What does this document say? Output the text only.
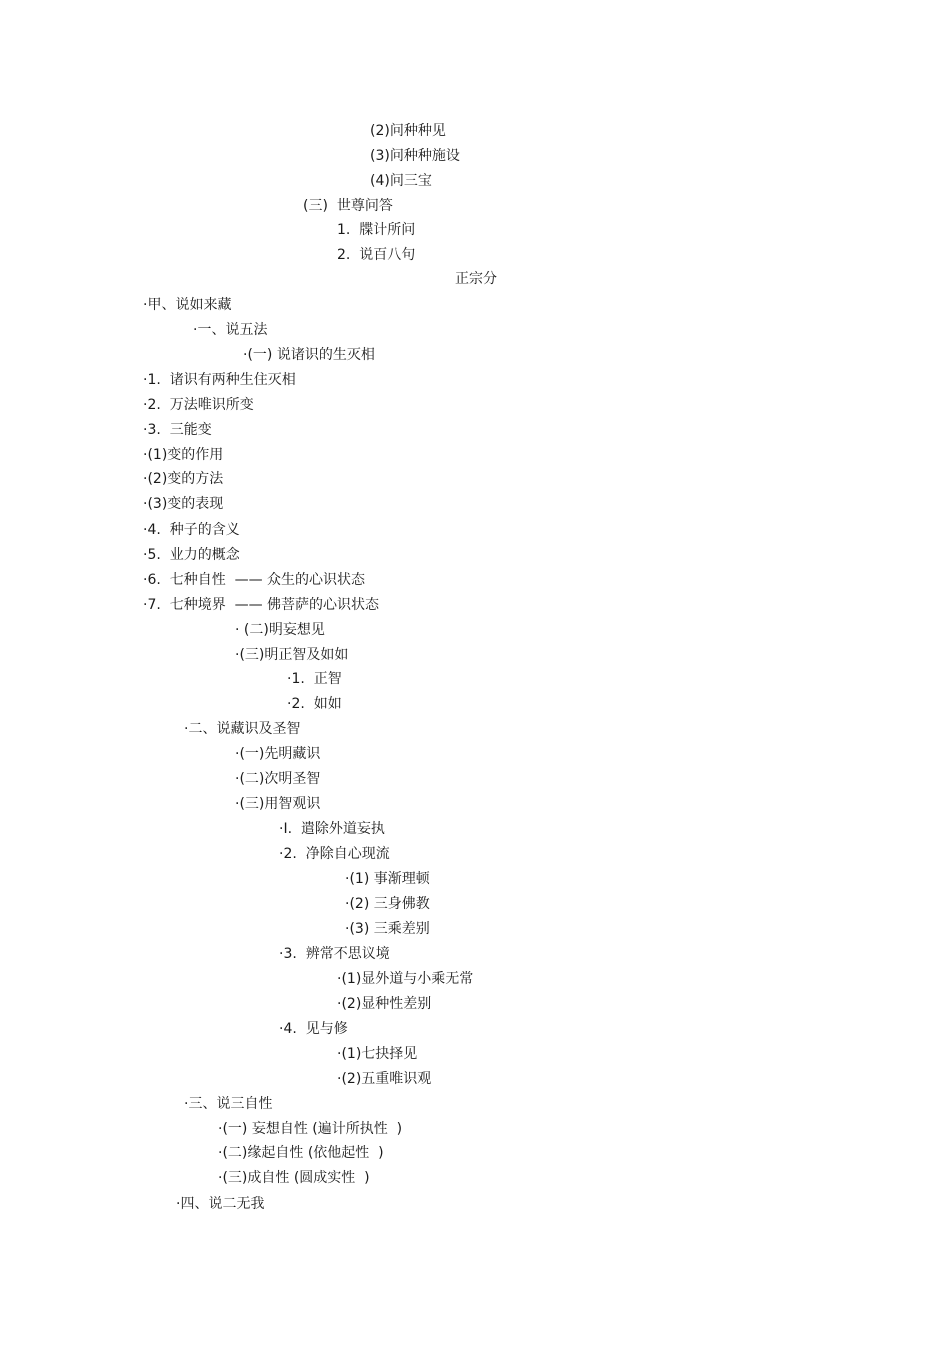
(2)问种种见
(3)问种种施设
(4)问三宝
(三)  世尊问答
1.  牒计所问
2.  说百八句
正宗分
·甲、说如来藏
·一、说五法
·(一) 说诸识的生灭相
·1.  诸识有两种生住灭相
·2.  万法唯识所变
·3.  三能变
·(1)变的作用
·(2)变的方法
·(3)变的表现
·4.  种子的含义
·5.  业力的概念
·6.  七种自性  —— 众生的心识状态
·7.  七种境界  —— 佛菩萨的心识状态
· (二)明妄想见
·(三)明正智及如如
·1.  正智
·2.  如如
·二、说藏识及圣智
·(一)先明藏识
·(二)次明圣智
·(三)用智观识
·I.  遣除外道妄执
·2.  净除自心现流
·(1) 事渐理顿
·(2) 三身佛教
·(3) 三乘差别
·3.  辨常不思议境
·(1)显外道与小乘无常
·(2)显种性差别
·4.  见与修
·(1)七抉择见
·(2)五重唯识观
·三、说三自性
·(一) 妄想自性 (遍计所执性  )
·(二)缘起自性 (依他起性  )
·(三)成自性 (圆成实性  )
·四、说二无我
